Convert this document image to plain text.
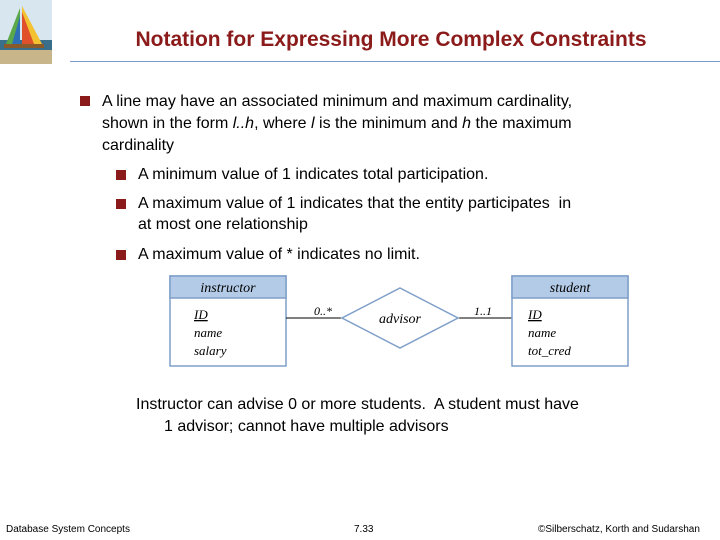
Notation for Expressing More Complex Constraints
A line may have an associated minimum and maximum cardinality,
shown in the form l..h, where l is the minimum and h the maximum
cardinality
A minimum value of 1 indicates total participation.
A maximum value of 1 indicates that the entity participates  in
at most one relationship
A maximum value of * indicates no limit.
instructor
ID
name
salary
0..*	1..1
advisor
student
ID
name
tot_cred
Instructor can advise 0 or more students.  A student must have
1 advisor; cannot have multiple advisors
Database System Concepts	7.33	©Silberschatz, Korth and Sudarshan
